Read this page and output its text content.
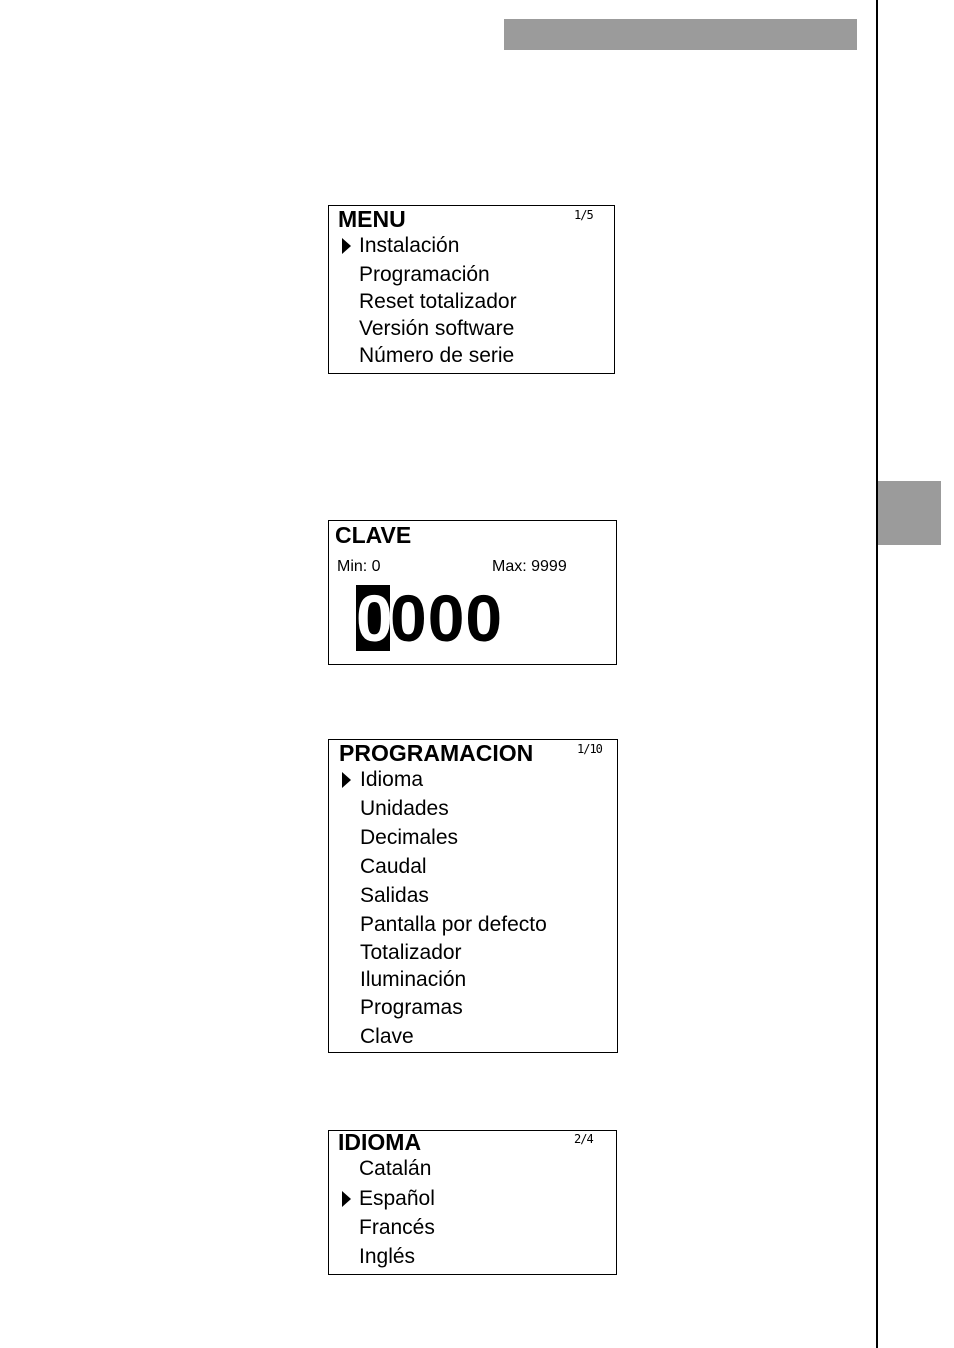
MENU	1/5
Instalación
Programación
Reset totalizador
Versión software
Número de serie
CLAVE
Min: 0	Max: 9999
0000
PROGRAMACION	1/10
Idioma
Unidades
Decimales
Caudal
Salidas
Pantalla por defecto
Totalizador
Iluminación
Programas
Clave
IDIOMA	2/4
Catalán
Español
Francés
Inglés
